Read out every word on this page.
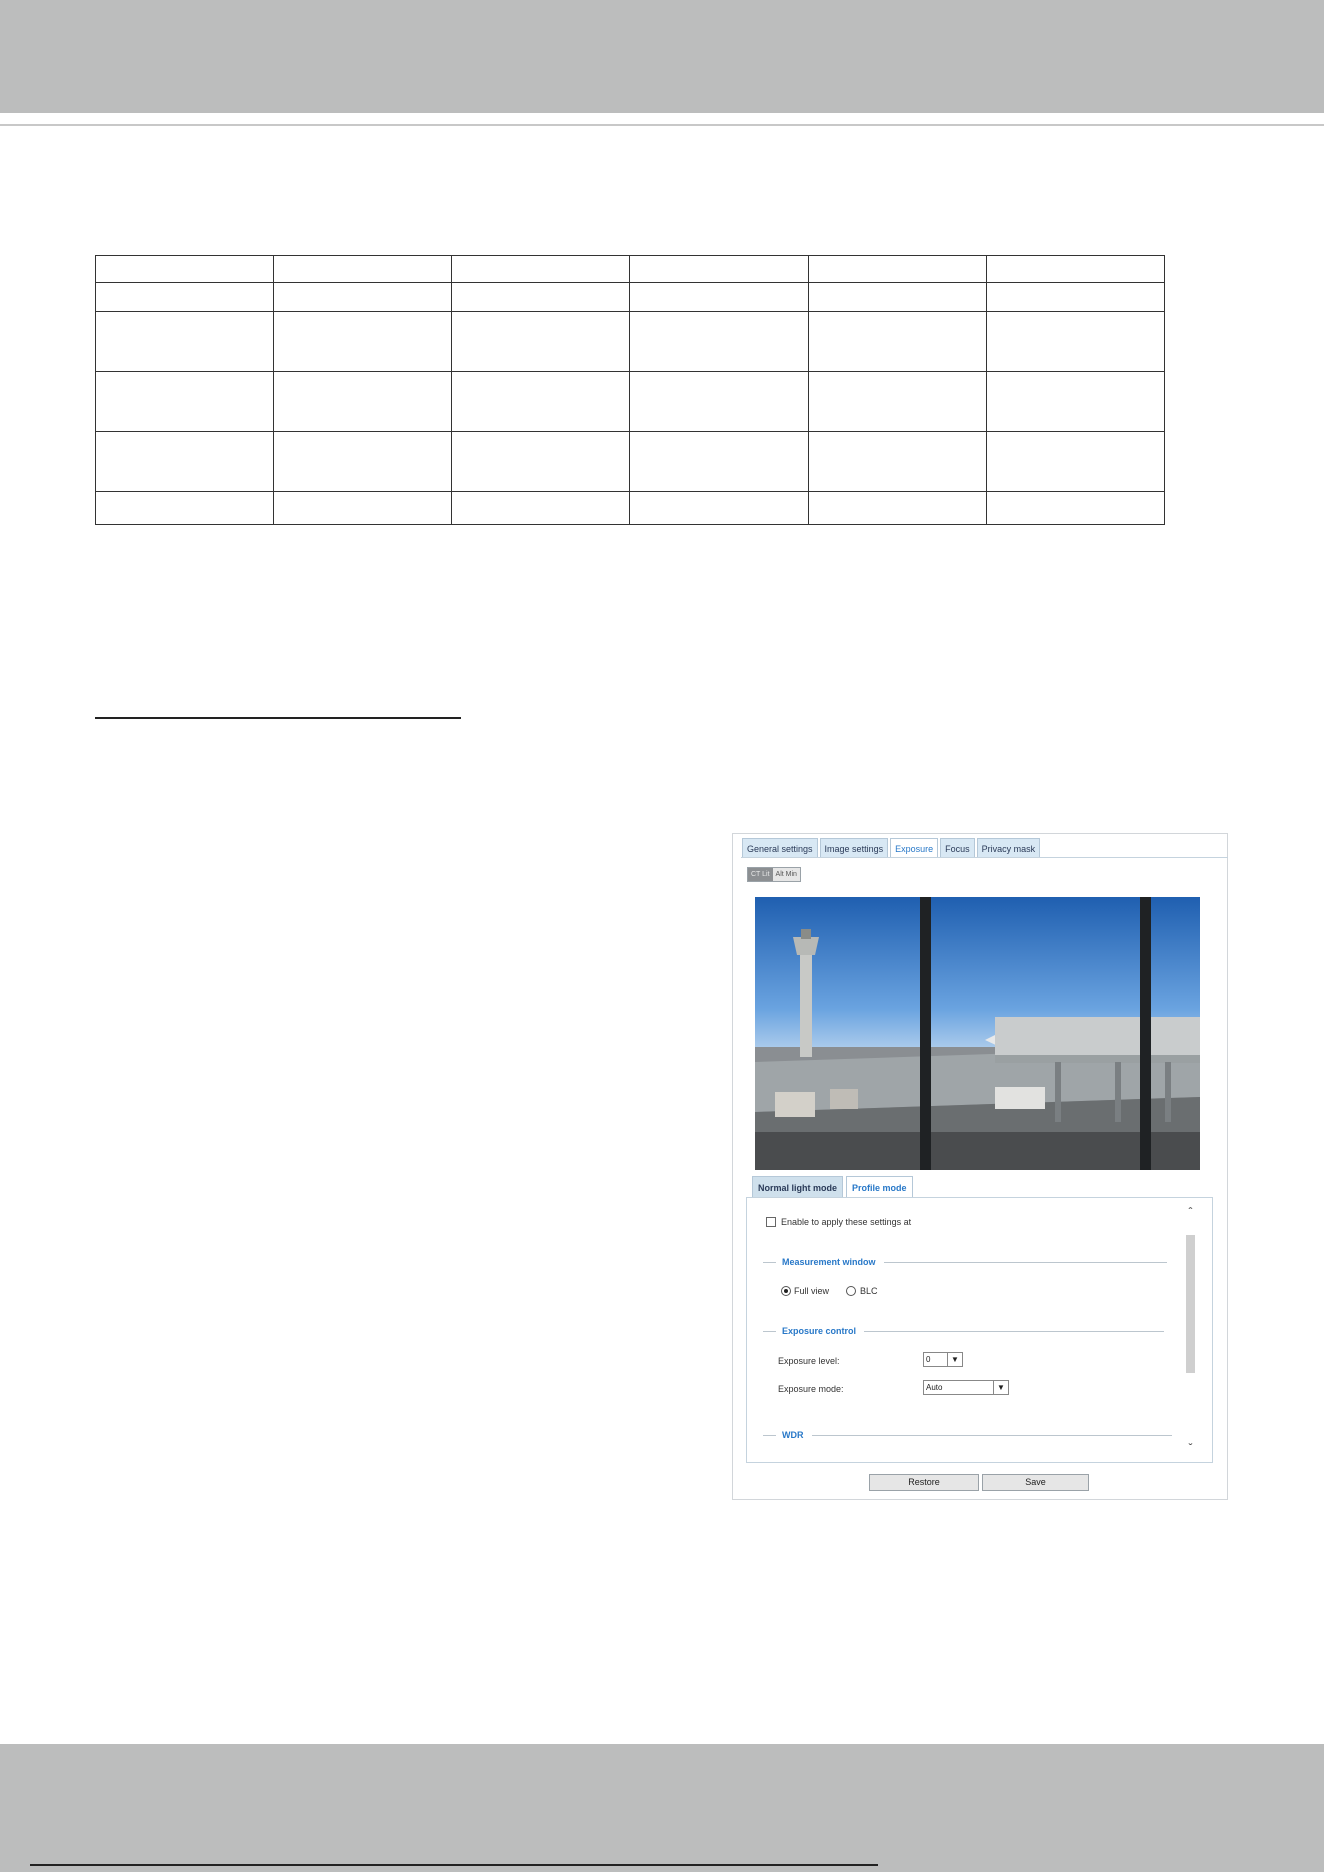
General settings	Image settings	Exposure	Focus	Privacy mask
CT Lit Alt Min
Normal light mode	Profile mode
Enable to apply these settings at
Measurement window
Full view	BLC
Exposure control
Exposure level:	0	▼
Exposure mode:	Auto	▼
WDR
ˆ
ˇ
Restore	Save
